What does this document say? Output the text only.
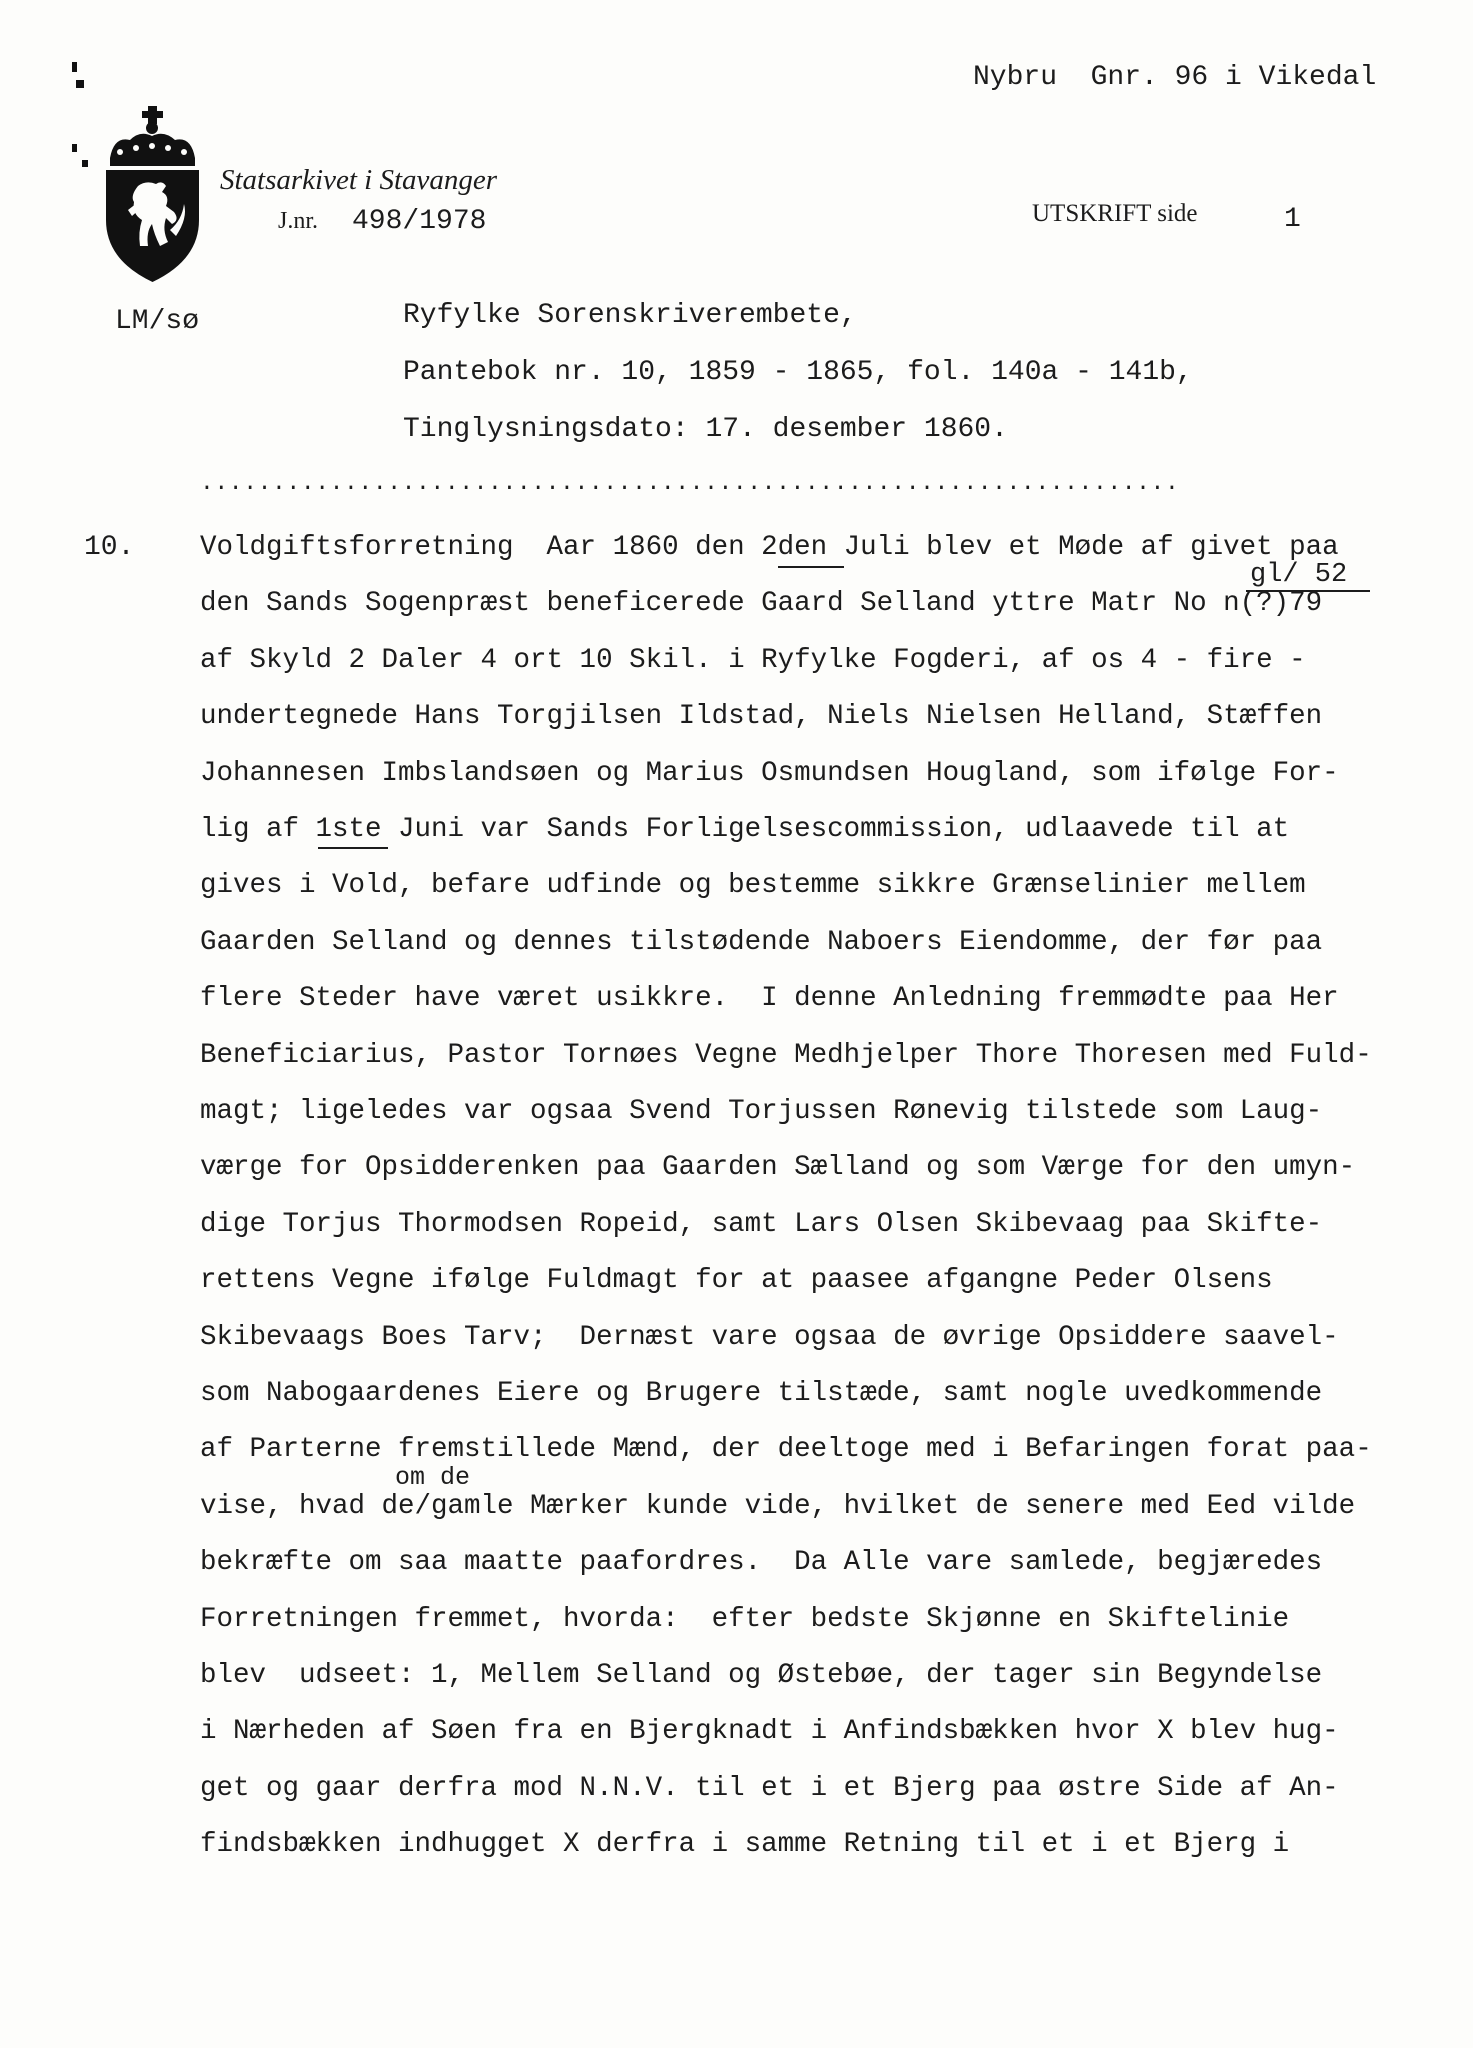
Nybru  Gnr. 96 i Vikedal
Statsarkivet i Stavanger
J.nr. 498/1978	UTSKRIFT side	1
LM/sø	Ryfylke Sorenskriverembete,
Pantebok nr. 10, 1859 - 1865, fol. 140a - 141b,
Tinglysningsdato: 17. desember 1860.
....................................................................
10.
gl/ 52
om de
Voldgiftsforretning  Aar 1860 den 2den Juli blev et Møde af givet paa
den Sands Sogenpræst beneficerede Gaard Selland yttre Matr No n(?)79
af Skyld 2 Daler 4 ort 10 Skil. i Ryfylke Fogderi, af os 4 - fire -
undertegnede Hans Torgjilsen Ildstad, Niels Nielsen Helland, Stæffen
Johannesen Imbslandsøen og Marius Osmundsen Hougland, som ifølge For-
lig af 1ste Juni var Sands Forligelsescommission, udlaavede til at
gives i Vold, befare udfinde og bestemme sikkre Grænselinier mellem
Gaarden Selland og dennes tilstødende Naboers Eiendomme, der før paa
flere Steder have været usikkre.  I denne Anledning fremmødte paa Her
Beneficiarius, Pastor Tornøes Vegne Medhjelper Thore Thoresen med Fuld-
magt; ligeledes var ogsaa Svend Torjussen Rønevig tilstede som Laug-
værge for Opsidderenken paa Gaarden Sælland og som Værge for den umyn-
dige Torjus Thormodsen Ropeid, samt Lars Olsen Skibevaag paa Skifte-
rettens Vegne ifølge Fuldmagt for at paasee afgangne Peder Olsens
Skibevaags Boes Tarv;  Dernæst vare ogsaa de øvrige Opsiddere saavel-
som Nabogaardenes Eiere og Brugere tilstæde, samt nogle uvedkommende
af Parterne fremstillede Mænd, der deeltoge med i Befaringen forat paa-
vise, hvad de/gamle Mærker kunde vide, hvilket de senere med Eed vilde
bekræfte om saa maatte paafordres.  Da Alle vare samlede, begjæredes
Forretningen fremmet, hvorda:  efter bedste Skjønne en Skiftelinie
blev  udseet: 1, Mellem Selland og Østebøe, der tager sin Begyndelse
i Nærheden af Søen fra en Bjergknadt i Anfindsbækken hvor X blev hug-
get og gaar derfra mod N.N.V. til et i et Bjerg paa østre Side af An-
findsbækken indhugget X derfra i samme Retning til et i et Bjerg i
